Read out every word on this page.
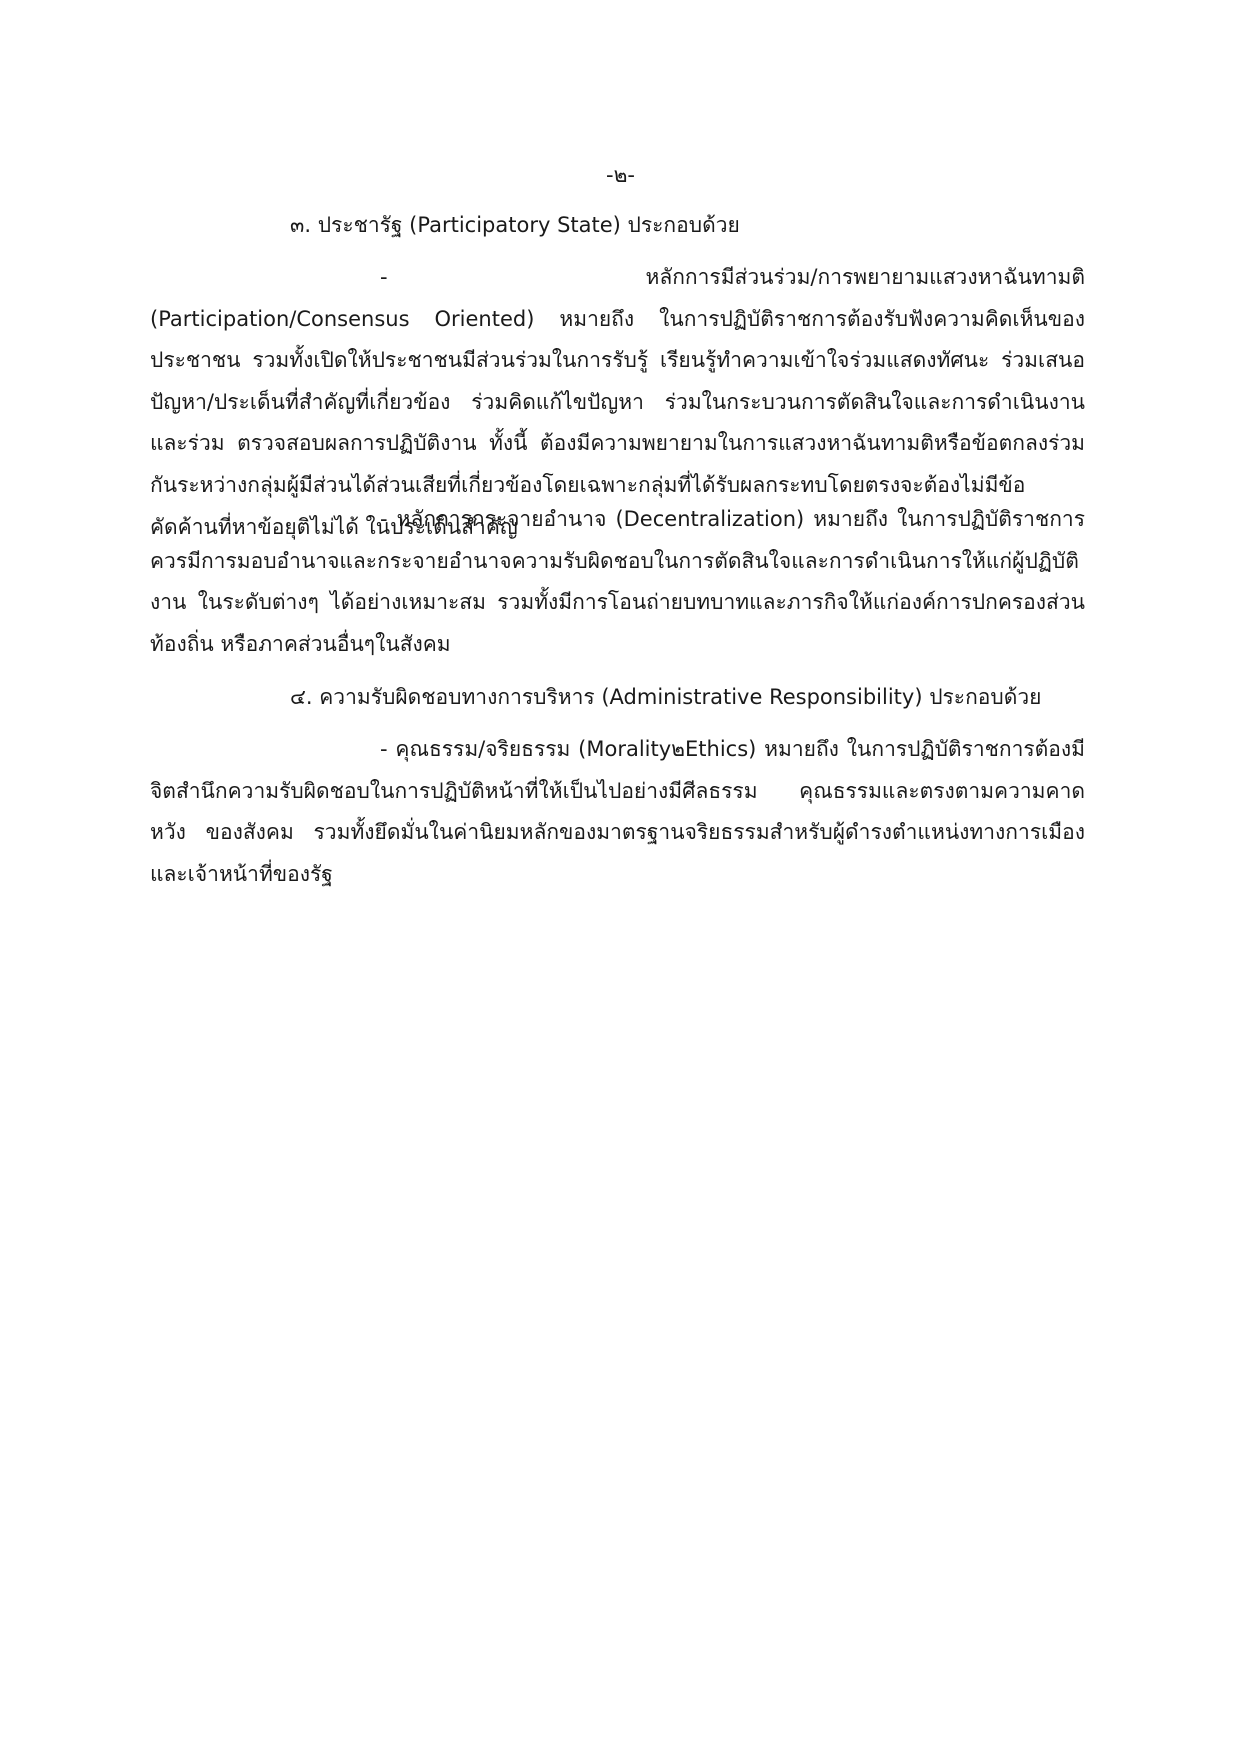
-๒-
๓. ประชารัฐ (Participatory State) ประกอบด้วย

- หลักการมีส่วนร่วม/การพยายามแสวงหาฉันทามติ (Participation/Consensus Oriented) หมายถึง ในการปฏิบัติราชการต้องรับฟังความคิดเห็นของประชาชน รวมทั้งเปิดให้ประชาชนมีส่วนร่วมในการรับรู้ เรียนรู้ทำความเข้าใจร่วมแสดงทัศนะ ร่วมเสนอปัญหา/ประเด็นที่สำคัญที่เกี่ยวข้อง ร่วมคิดแก้ไขปัญหา ร่วมในกระบวนการตัดสินใจและการดำเนินงานและร่วม ตรวจสอบผลการปฏิบัติงาน ทั้งนี้ ต้องมีความพยายามในการแสวงหาฉันทามติหรือข้อตกลงร่วมกันระหว่างกลุ่มผู้มีส่วนได้ส่วนเสียที่เกี่ยวข้องโดยเฉพาะกลุ่มที่ได้รับผลกระทบโดยตรงจะต้องไม่มีข้อคัดค้านที่หาข้อยุติไม่ได้ ในประเด็นสำคัญ

- หลักการกระจายอำนาจ (Decentralization) หมายถึง ในการปฏิบัติราชการควรมีการมอบอำนาจและกระจายอำนาจความรับผิดชอบในการตัดสินใจและการดำเนินการให้แก่ผู้ปฏิบัติงาน ในระดับต่างๆ ได้อย่างเหมาะสม รวมทั้งมีการโอนถ่ายบทบาทและภารกิจให้แก่องค์การปกครองส่วนท้องถิ่น หรือภาคส่วนอื่นๆในสังคม

๔. ความรับผิดชอบทางการบริหาร (Administrative Responsibility) ประกอบด้วย

- คุณธรรม/จริยธรรม (Morality๒Ethics) หมายถึง ในการปฏิบัติราชการต้องมีจิตสำนึกความรับผิดชอบในการปฏิบัติหน้าที่ให้เป็นไปอย่างมีศีลธรรม คุณธรรมและตรงตามความคาดหวัง ของสังคม รวมทั้งยึดมั่นในค่านิยมหลักของมาตรฐานจริยธรรมสำหรับผู้ดำรงตำแหน่งทางการเมือง และเจ้าหน้าที่ของรัฐ
